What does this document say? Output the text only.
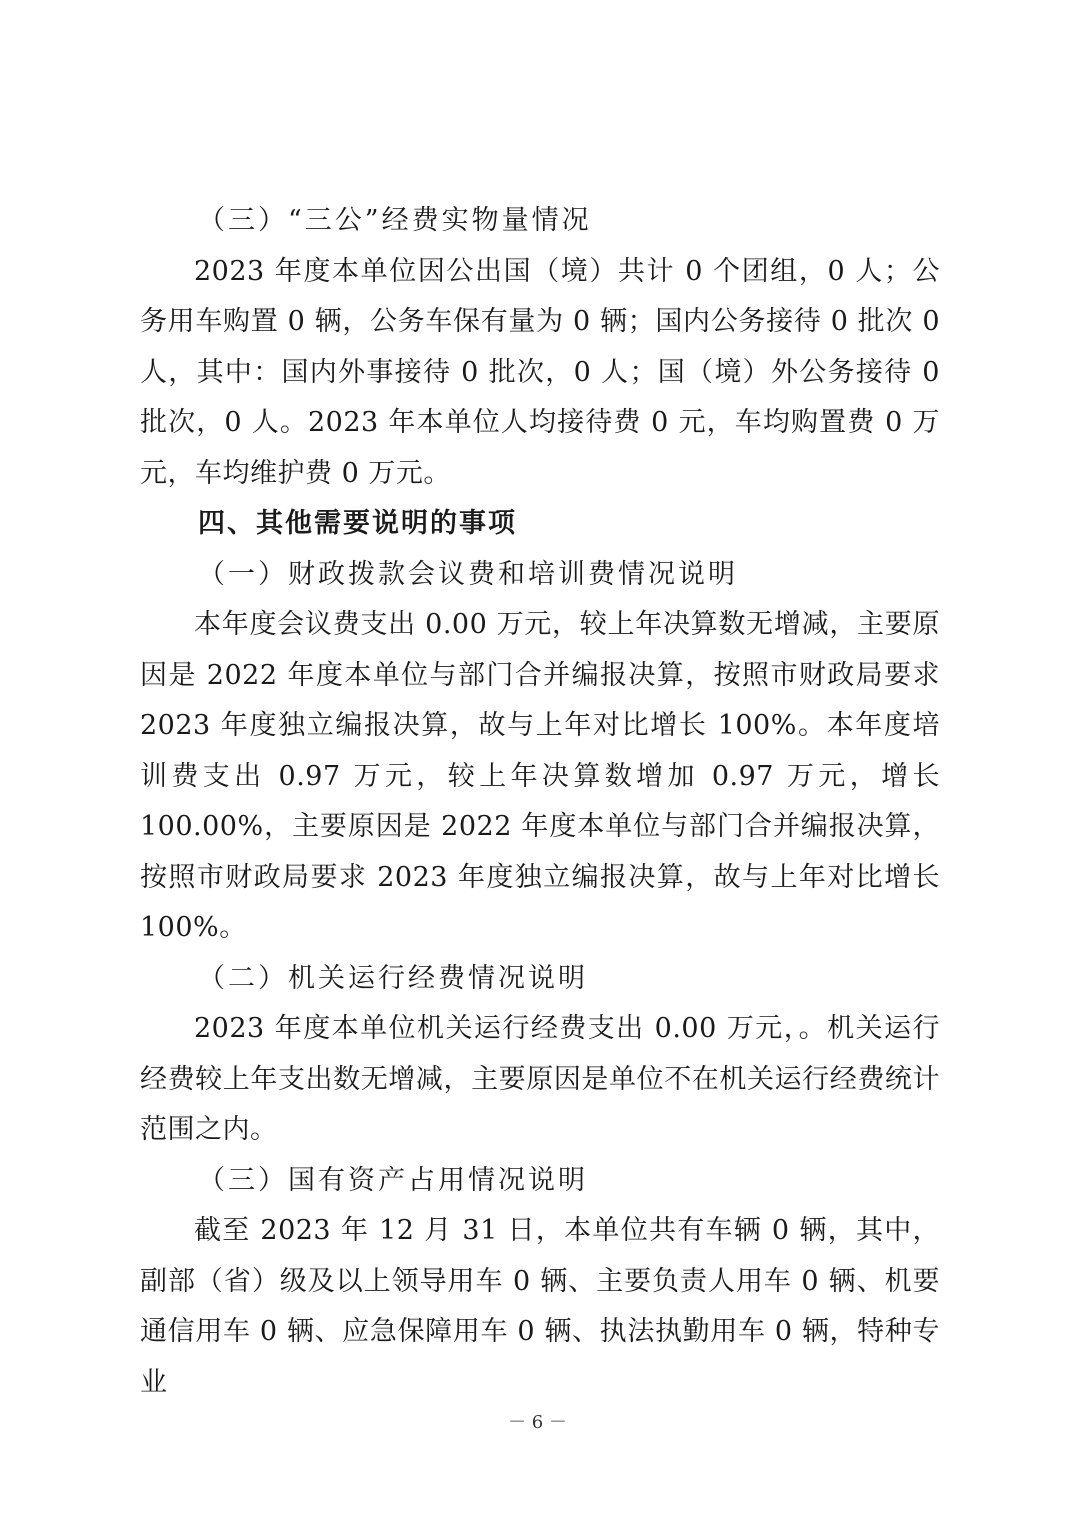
（三）“三公”经费实物量情况

2023 年度本单位因公出国（境）共计 0 个团组，0 人；公务用车购置 0 辆，公务车保有量为 0 辆；国内公务接待 0 批次 0 人，其中：国内外事接待 0 批次，0 人；国（境）外公务接待 0 批次，0 人。2023 年本单位人均接待费 0 元，车均购置费 0 万元，车均维护费 0 万元。

四、其他需要说明的事项

（一）财政拨款会议费和培训费情况说明

本年度会议费支出 0.00 万元，较上年决算数无增减，主要原因是 2022 年度本单位与部门合并编报决算，按照市财政局要求 2023 年度独立编报决算，故与上年对比增长 100%。本年度培训费支出 0.97 万元，较上年决算数增加 0.97 万元，增长 100.00%，主要原因是 2022 年度本单位与部门合并编报决算，按照市财政局要求 2023 年度独立编报决算，故与上年对比增长 100%。

（二）机关运行经费情况说明

2023 年度本单位机关运行经费支出 0.00 万元，。机关运行经费较上年支出数无增减，主要原因是单位不在机关运行经费统计范围之内。

（三）国有资产占用情况说明

截至 2023 年 12 月 31 日，本单位共有车辆 0 辆，其中，副部（省）级及以上领导用车 0 辆、主要负责人用车 0 辆、机要通信用车 0 辆、应急保障用车 0 辆、执法执勤用车 0 辆，特种专业

－ 6 －
